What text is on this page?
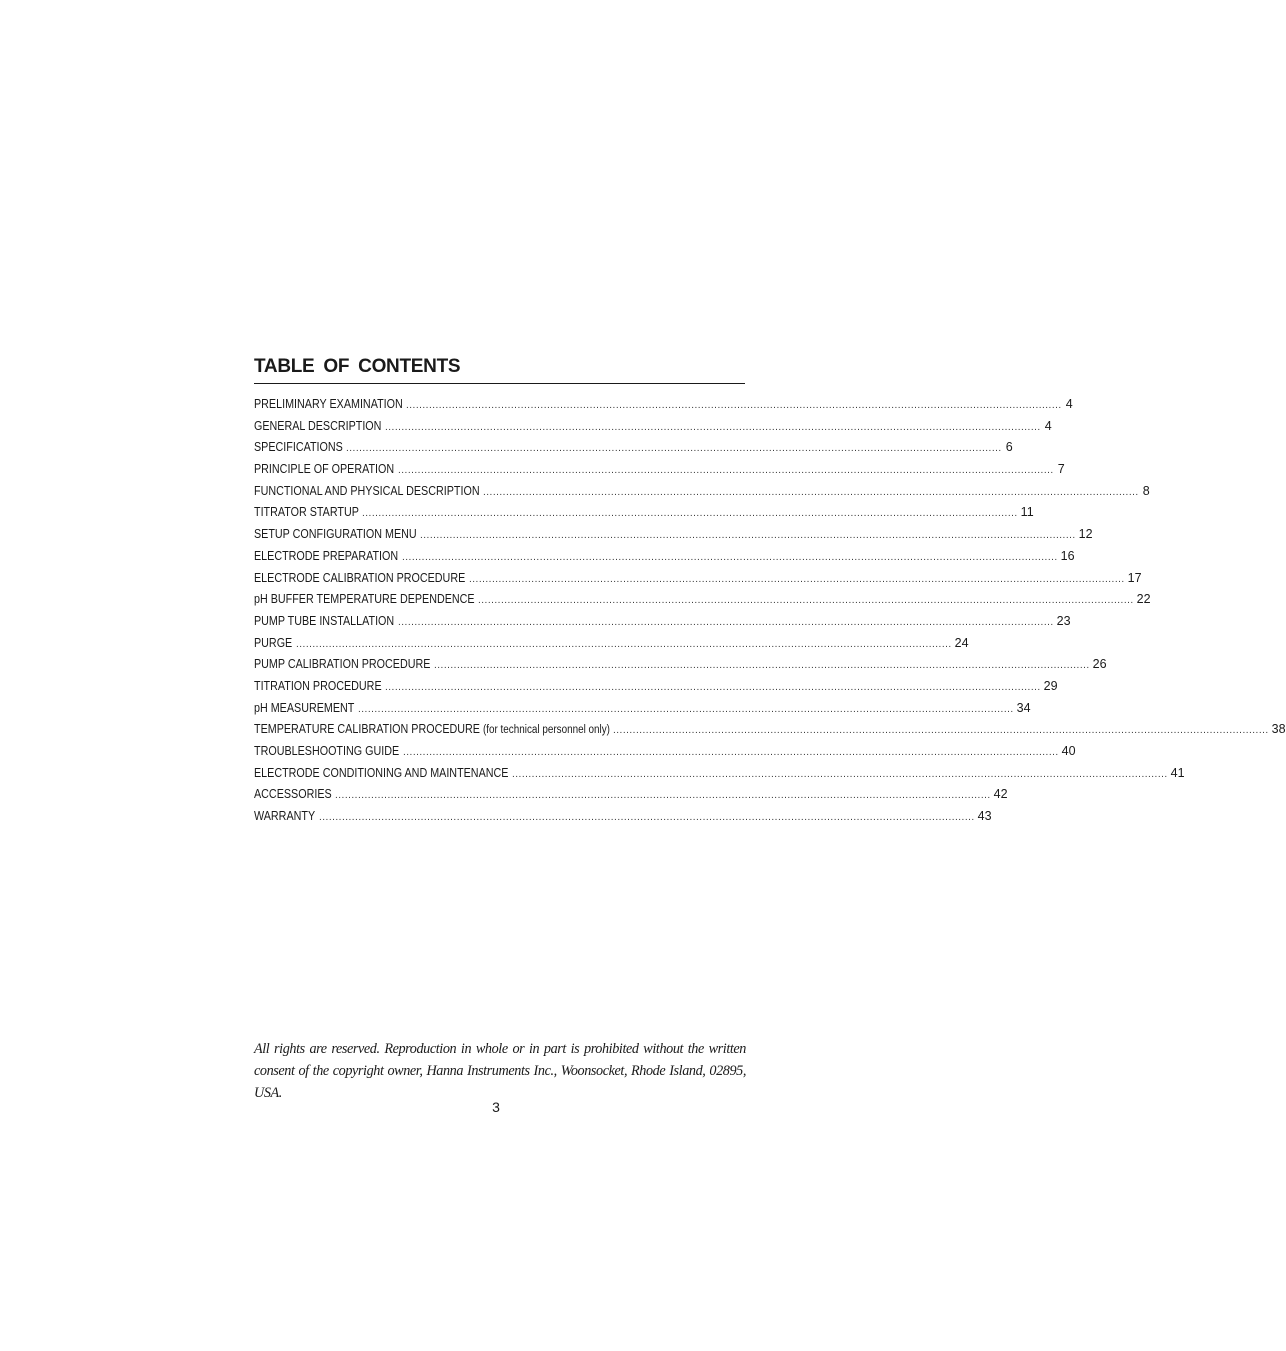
TABLE OF CONTENTS
PRELIMINARY EXAMINATION ........................................................................................................................................................................................................ 4
GENERAL DESCRIPTION ........................................................................................................................................................................................................ 4
SPECIFICATIONS ........................................................................................................................................................................................................ 6
PRINCIPLE OF OPERATION ........................................................................................................................................................................................................ 7
FUNCTIONAL AND PHYSICAL DESCRIPTION ........................................................................................................................................................................................................ 8
TITRATOR STARTUP ........................................................................................................................................................................................................ 11
SETUP CONFIGURATION MENU ........................................................................................................................................................................................................ 12
ELECTRODE PREPARATION ........................................................................................................................................................................................................ 16
ELECTRODE CALIBRATION PROCEDURE ........................................................................................................................................................................................................ 17
pH BUFFER TEMPERATURE DEPENDENCE ........................................................................................................................................................................................................ 22
PUMP TUBE INSTALLATION ........................................................................................................................................................................................................ 23
PURGE ........................................................................................................................................................................................................ 24
PUMP CALIBRATION PROCEDURE ........................................................................................................................................................................................................ 26
TITRATION PROCEDURE ........................................................................................................................................................................................................ 29
pH MEASUREMENT ........................................................................................................................................................................................................ 34
TEMPERATURE CALIBRATION PROCEDURE (for technical personnel only) ........................................................................................................................................................................................................ 38
TROUBLESHOOTING GUIDE ........................................................................................................................................................................................................ 40
ELECTRODE CONDITIONING AND MAINTENANCE ........................................................................................................................................................................................................ 41
ACCESSORIES ........................................................................................................................................................................................................ 42
WARRANTY ........................................................................................................................................................................................................ 43

All rights are reserved. Reproduction in whole or in part is prohibited without the written consent of the copyright owner, Hanna Instruments Inc., Woonsocket, Rhode Island, 02895, USA.

3
